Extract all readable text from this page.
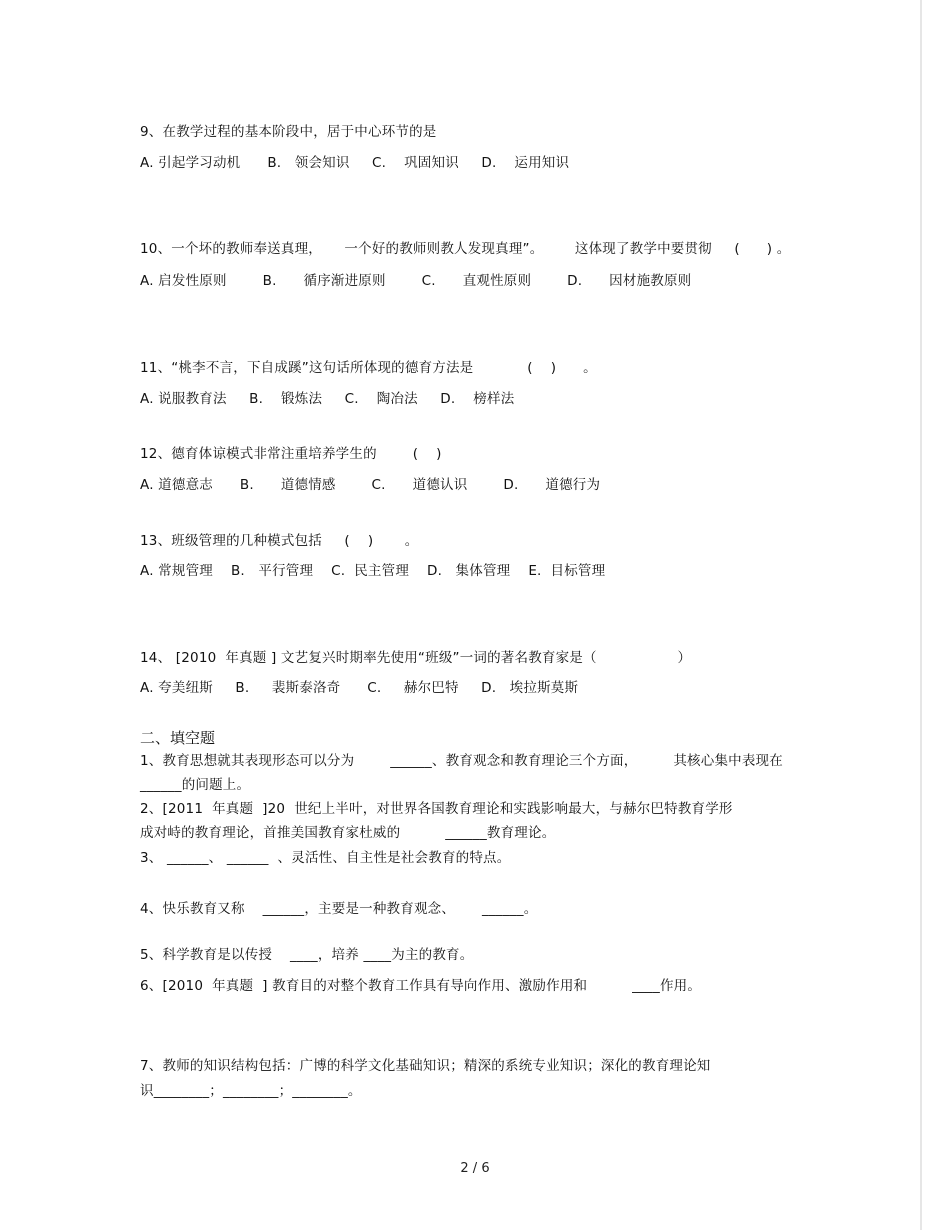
9、在教学过程的基本阶段中，居于中心环节的是
A. 引起学习动机      B.   领会知识     C.    巩固知识     D.    运用知识
10、一个坏的教师奉送真理，     一个好的教师则教人发现真理”。       这体现了教学中要贯彻     (      ) 。
A. 启发性原则        B.      循序渐进原则        C.      直观性原则        D.      因材施教原则
11、“桃李不言，下自成蹊”这句话所体现的德育方法是            (    )      。
A. 说服教育法     B.    锻炼法     C.    陶冶法     D.    榜样法
12、德育体谅模式非常注重培养学生的        (    )
A. 道德意志      B.      道德情感        C.      道德认识        D.      道德行为
13、班级管理的几种模式包括     (    )       。
A. 常规管理    B.   平行管理    C.  民主管理    D.   集体管理    E.  目标管理
14、 [2010  年真题 ] 文艺复兴时期率先使用“班级”一词的著名教育家是（                  ）
A. 夸美纽斯     B.     裴斯泰洛奇      C.     赫尔巴特     D.   埃拉斯莫斯
二、填空题
1、教育思想就其表现形态可以分为        ______、教育观念和教育理论三个方面，        其核心集中表现在
______的问题上。
2、[2011  年真题  ]20  世纪上半叶，对世界各国教育理论和实践影响最大，与赫尔巴特教育学形
成对峙的教育理论，首推美国教育家杜威的          ______教育理论。
3、 ______、 ______  、灵活性、自主性是社会教育的特点。
4、快乐教育又称    ______，主要是一种教育观念、      ______。
5、科学教育是以传授    ____，培养 ____为主的教育。
6、[2010  年真题  ] 教育目的对整个教育工作具有导向作用、激励作用和          ____作用。
7、教师的知识结构包括：广博的科学文化基础知识；精深的系统专业知识；深化的教育理论知
识________；________；________。
2 / 6
